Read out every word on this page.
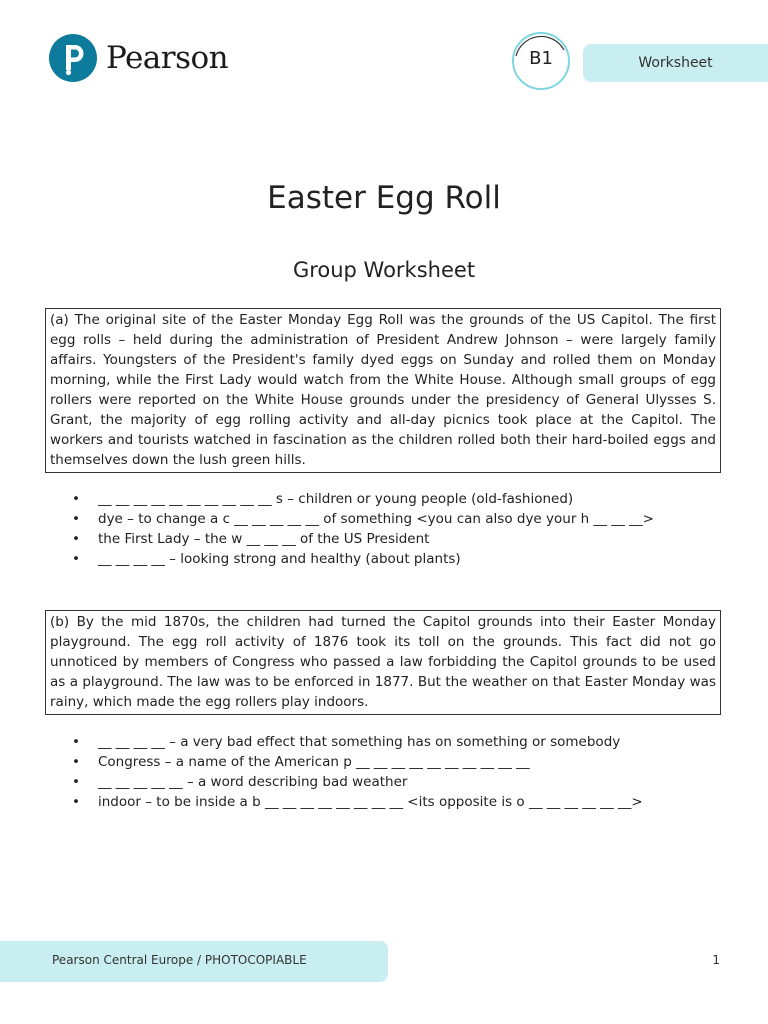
Pearson	B1	Worksheet
Easter Egg Roll
Group Worksheet

(a) The original site of the Easter Monday Egg Roll was the grounds of the US Capitol. The first egg rolls – held during the administration of President Andrew Johnson – were largely family affairs. Youngsters of the President's family dyed eggs on Sunday and rolled them on Monday morning, while the First Lady would watch from the White House. Although small groups of egg rollers were reported on the White House grounds under the presidency of General Ulysses S. Grant, the majority of egg rolling activity and all-day picnics took place at the Capitol. The workers and tourists watched in fascination as the children rolled both their hard-boiled eggs and themselves down the lush green hills.

• __ __ __ __ __ __ __ __ __ __ s – children or young people (old-fashioned)
• dye – to change a c __ __ __ __ __ of something <you can also dye your h __ __ __>
• the First Lady – the w __ __ __ of the US President
• __ __ __ __ – looking strong and healthy (about plants)

(b) By the mid 1870s, the children had turned the Capitol grounds into their Easter Monday playground. The egg roll activity of 1876 took its toll on the grounds. This fact did not go unnoticed by members of Congress who passed a law forbidding the Capitol grounds to be used as a playground. The law was to be enforced in 1877. But the weather on that Easter Monday was rainy, which made the egg rollers play indoors.

• __ __ __ __ – a very bad effect that something has on something or somebody
• Congress – a name of the American p __ __ __ __ __ __ __ __ __ __
• __ __ __ __ __ – a word describing bad weather
• indoor – to be inside a b __ __ __ __ __ __ __ __ <its opposite is o __ __ __ __ __ __>
Pearson Central Europe / PHOTOCOPIABLE	1
